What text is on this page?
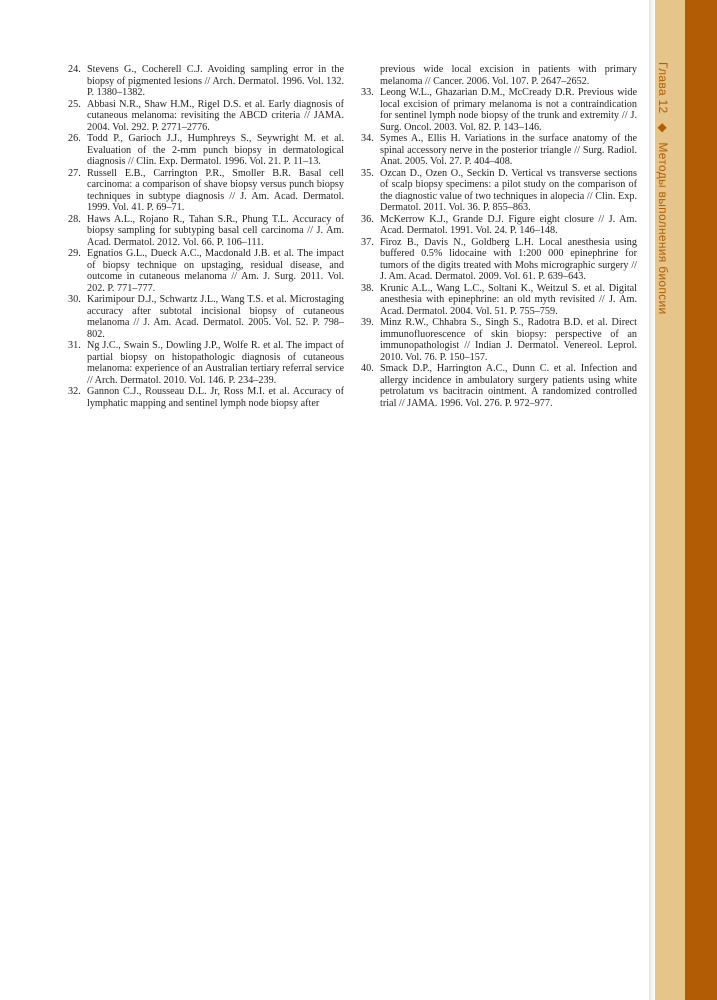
Глава 12 ◆ Методы выполнения биопсии
24. Stevens G., Cocherell C.J. Avoiding sampling error in the biopsy of pigmented lesions // Arch. Dermatol. 1996. Vol. 132. P. 1380–1382.
25. Abbasi N.R., Shaw H.M., Rigel D.S. et al. Early diagnosis of cutaneous melanoma: revisiting the ABCD criteria // JAMA. 2004. Vol. 292. P. 2771–2776.
26. Todd P., Garioch J.J., Humphreys S., Seywright M. et al. Evaluation of the 2-mm punch biopsy in dermatological diagnosis // Clin. Exp. Dermatol. 1996. Vol. 21. P. 11–13.
27. Russell E.B., Carrington P.R., Smoller B.R. Basal cell carcinoma: a comparison of shave biopsy versus punch biopsy techniques in subtype diagnosis // J. Am. Acad. Dermatol. 1999. Vol. 41. P. 69–71.
28. Haws A.L., Rojano R., Tahan S.R., Phung T.L. Accuracy of biopsy sampling for subtyping basal cell carcinoma // J. Am. Acad. Dermatol. 2012. Vol. 66. P. 106–111.
29. Egnatios G.L., Dueck A.C., Macdonald J.B. et al. The impact of biopsy technique on upstaging, residual disease, and outcome in cutaneous melanoma // Am. J. Surg. 2011. Vol. 202. P. 771–777.
30. Karimipour D.J., Schwartz J.L., Wang T.S. et al. Microstaging accuracy after subtotal incisional biopsy of cutaneous melanoma // J. Am. Acad. Dermatol. 2005. Vol. 52. P. 798–802.
31. Ng J.C., Swain S., Dowling J.P., Wolfe R. et al. The impact of partial biopsy on histopathologic diagnosis of cutaneous melanoma: experience of an Australian tertiary referral service // Arch. Dermatol. 2010. Vol. 146. P. 234–239.
32. Gannon C.J., Rousseau D.L. Jr, Ross M.I. et al. Accuracy of lymphatic mapping and sentinel lymph node biopsy after
previous wide local excision in patients with primary melanoma // Cancer. 2006. Vol. 107. P. 2647–2652.
33. Leong W.L., Ghazarian D.M., McCready D.R. Previous wide local excision of primary melanoma is not a contraindication for sentinel lymph node biopsy of the trunk and extremity // J. Surg. Oncol. 2003. Vol. 82. P. 143–146.
34. Symes A., Ellis H. Variations in the surface anatomy of the spinal accessory nerve in the posterior triangle // Surg. Radiol. Anat. 2005. Vol. 27. P. 404–408.
35. Ozcan D., Ozen O., Seckin D. Vertical vs transverse sections of scalp biopsy specimens: a pilot study on the comparison of the diagnostic value of two techniques in alopecia // Clin. Exp. Dermatol. 2011. Vol. 36. P. 855–863.
36. McKerrow K.J., Grande D.J. Figure eight closure // J. Am. Acad. Dermatol. 1991. Vol. 24. P. 146–148.
37. Firoz B., Davis N., Goldberg L.H. Local anesthesia using buffered 0.5% lidocaine with 1:200 000 epinephrine for tumors of the digits treated with Mohs micrographic surgery // J. Am. Acad. Dermatol. 2009. Vol. 61. P. 639–643.
38. Krunic A.L., Wang L.C., Soltani K., Weitzul S. et al. Digital anesthesia with epinephrine: an old myth revisited // J. Am. Acad. Dermatol. 2004. Vol. 51. P. 755–759.
39. Minz R.W., Chhabra S., Singh S., Radotra B.D. et al. Direct immunofluorescence of skin biopsy: perspective of an immunopathologist // Indian J. Dermatol. Venereol. Leprol. 2010. Vol. 76. P. 150–157.
40. Smack D.P., Harrington A.C., Dunn C. et al. Infection and allergy incidence in ambulatory surgery patients using white petrolatum vs bacitracin ointment. A randomized controlled trial // JAMA. 1996. Vol. 276. P. 972–977.
